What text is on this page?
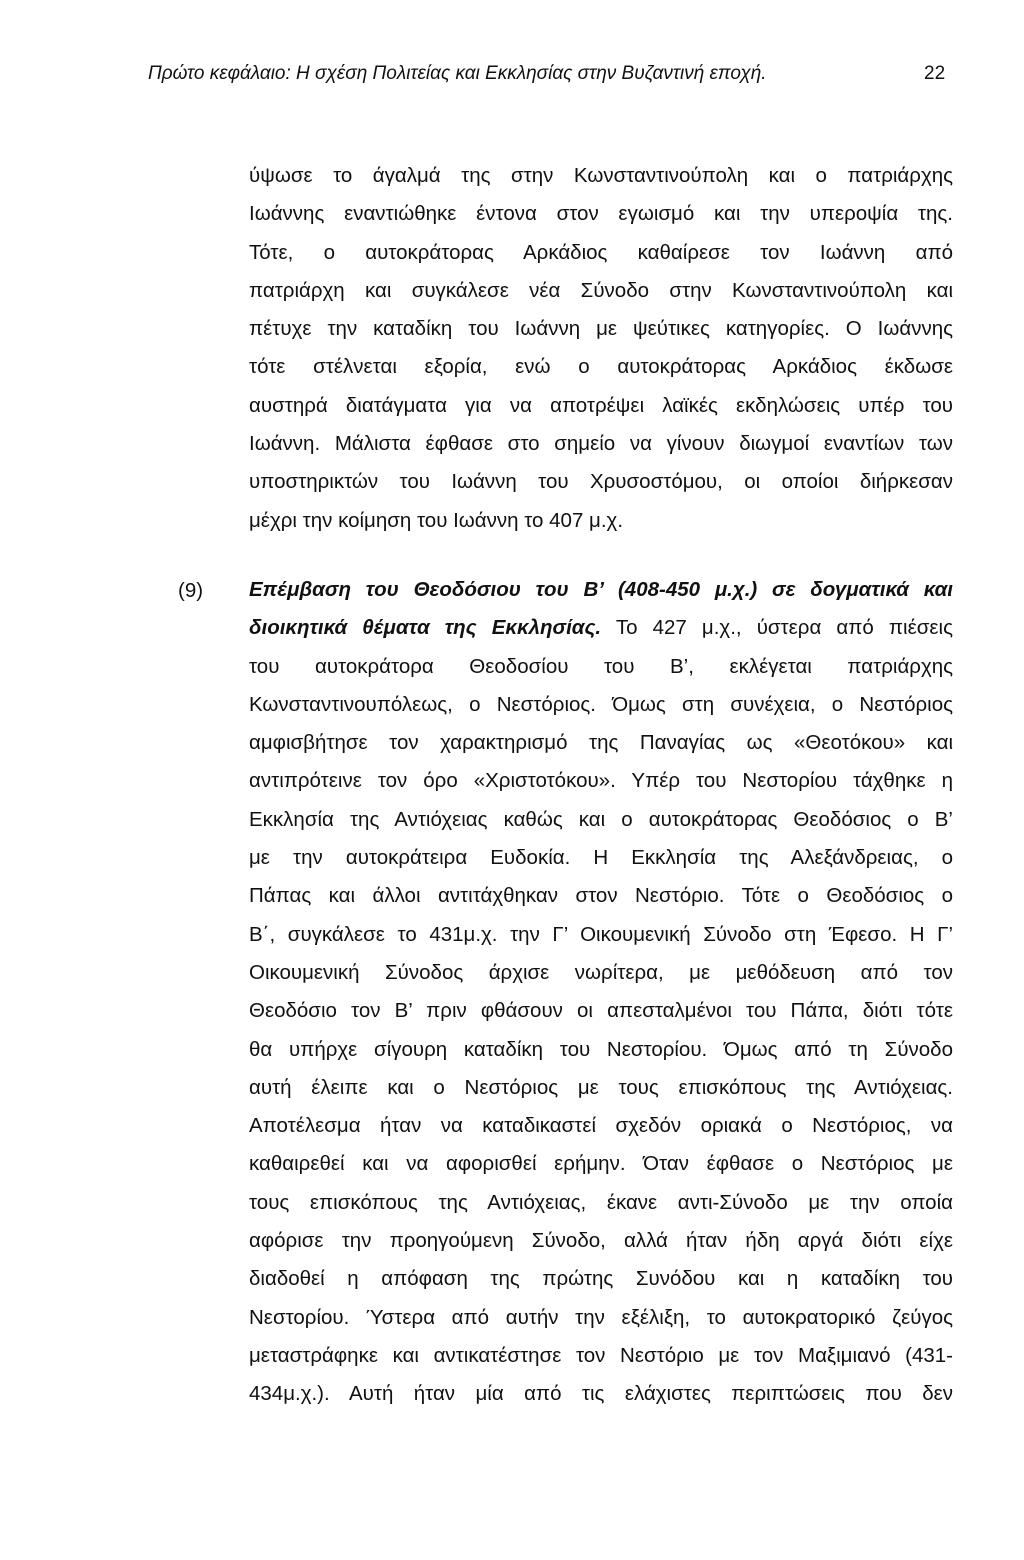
Πρώτο κεφάλαιο: Η σχέση Πολιτείας και Εκκλησίας στην Βυζαντινή εποχή.	22
ύψωσε το άγαλμά της στην Κωνσταντινούπολη και ο πατριάρχης
Ιωάννης εναντιώθηκε έντονα στον εγωισμό και την υπεροψία της.
Τότε, ο αυτοκράτορας Αρκάδιος καθαίρεσε τον Ιωάννη από
πατριάρχη και συγκάλεσε νέα Σύνοδο στην Κωνσταντινούπολη και
πέτυχε την καταδίκη του Ιωάννη με ψεύτικες κατηγορίες. Ο Ιωάννης
τότε στέλνεται εξορία, ενώ ο αυτοκράτορας Αρκάδιος έκδωσε
αυστηρά διατάγματα για να αποτρέψει λαϊκές εκδηλώσεις υπέρ του
Ιωάννη. Μάλιστα έφθασε στο σημείο να γίνουν διωγμοί εναντίων των
υποστηρικτών του Ιωάννη του Χρυσοστόμου, οι οποίοι διήρκεσαν
μέχρι την κοίμηση του Ιωάννη το 407 μ.χ.
(9) Επέμβαση του Θεοδόσιου του Β’ (408-450 μ.χ.) σε δογματικά και
διοικητικά θέματα της Εκκλησίας. Το 427 μ.χ., ύστερα από πιέσεις
του αυτοκράτορα Θεοδοσίου του Β’, εκλέγεται πατριάρχης
Κωνσταντινουπόλεως, ο Νεστόριος. Όμως στη συνέχεια, ο Νεστόριος
αμφισβήτησε τον χαρακτηρισμό της Παναγίας ως «Θεοτόκου» και
αντιπρότεινε τον όρο «Χριστοτόκου». Υπέρ του Νεστορίου τάχθηκε η
Εκκλησία της Αντιόχειας καθώς και ο αυτοκράτορας Θεοδόσιος ο Β’
με την αυτοκράτειρα Ευδοκία. Η Εκκλησία της Αλεξάνδρειας, ο
Πάπας και άλλοι αντιτάχθηκαν στον Νεστόριο. Τότε ο Θεοδόσιος ο
Β΄, συγκάλεσε το 431μ.χ. την Γ’ Οικουμενική Σύνοδο στη Έφεσο. Η Γ’
Οικουμενική Σύνοδος άρχισε νωρίτερα, με μεθόδευση από τον
Θεοδόσιο τον Β’ πριν φθάσουν οι απεσταλμένοι του Πάπα, διότι τότε
θα υπήρχε σίγουρη καταδίκη του Νεστορίου. Όμως από τη Σύνοδο
αυτή έλειπε και ο Νεστόριος με τους επισκόπους της Αντιόχειας.
Αποτέλεσμα ήταν να καταδικαστεί σχεδόν οριακά ο Νεστόριος, να
καθαιρεθεί και να αφορισθεί ερήμην. Όταν έφθασε ο Νεστόριος με
τους επισκόπους της Αντιόχειας, έκανε αντι-Σύνοδο με την οποία
αφόρισε την προηγούμενη Σύνοδο, αλλά ήταν ήδη αργά διότι είχε
διαδοθεί η απόφαση της πρώτης Συνόδου και η καταδίκη του
Νεστορίου. Ύστερα από αυτήν την εξέλιξη, το αυτοκρατορικό ζεύγος
μεταστράφηκε και αντικατέστησε τον Νεστόριο με τον Μαξιμιανό (431-
434μ.χ.). Αυτή ήταν μία από τις ελάχιστες περιπτώσεις που δεν
